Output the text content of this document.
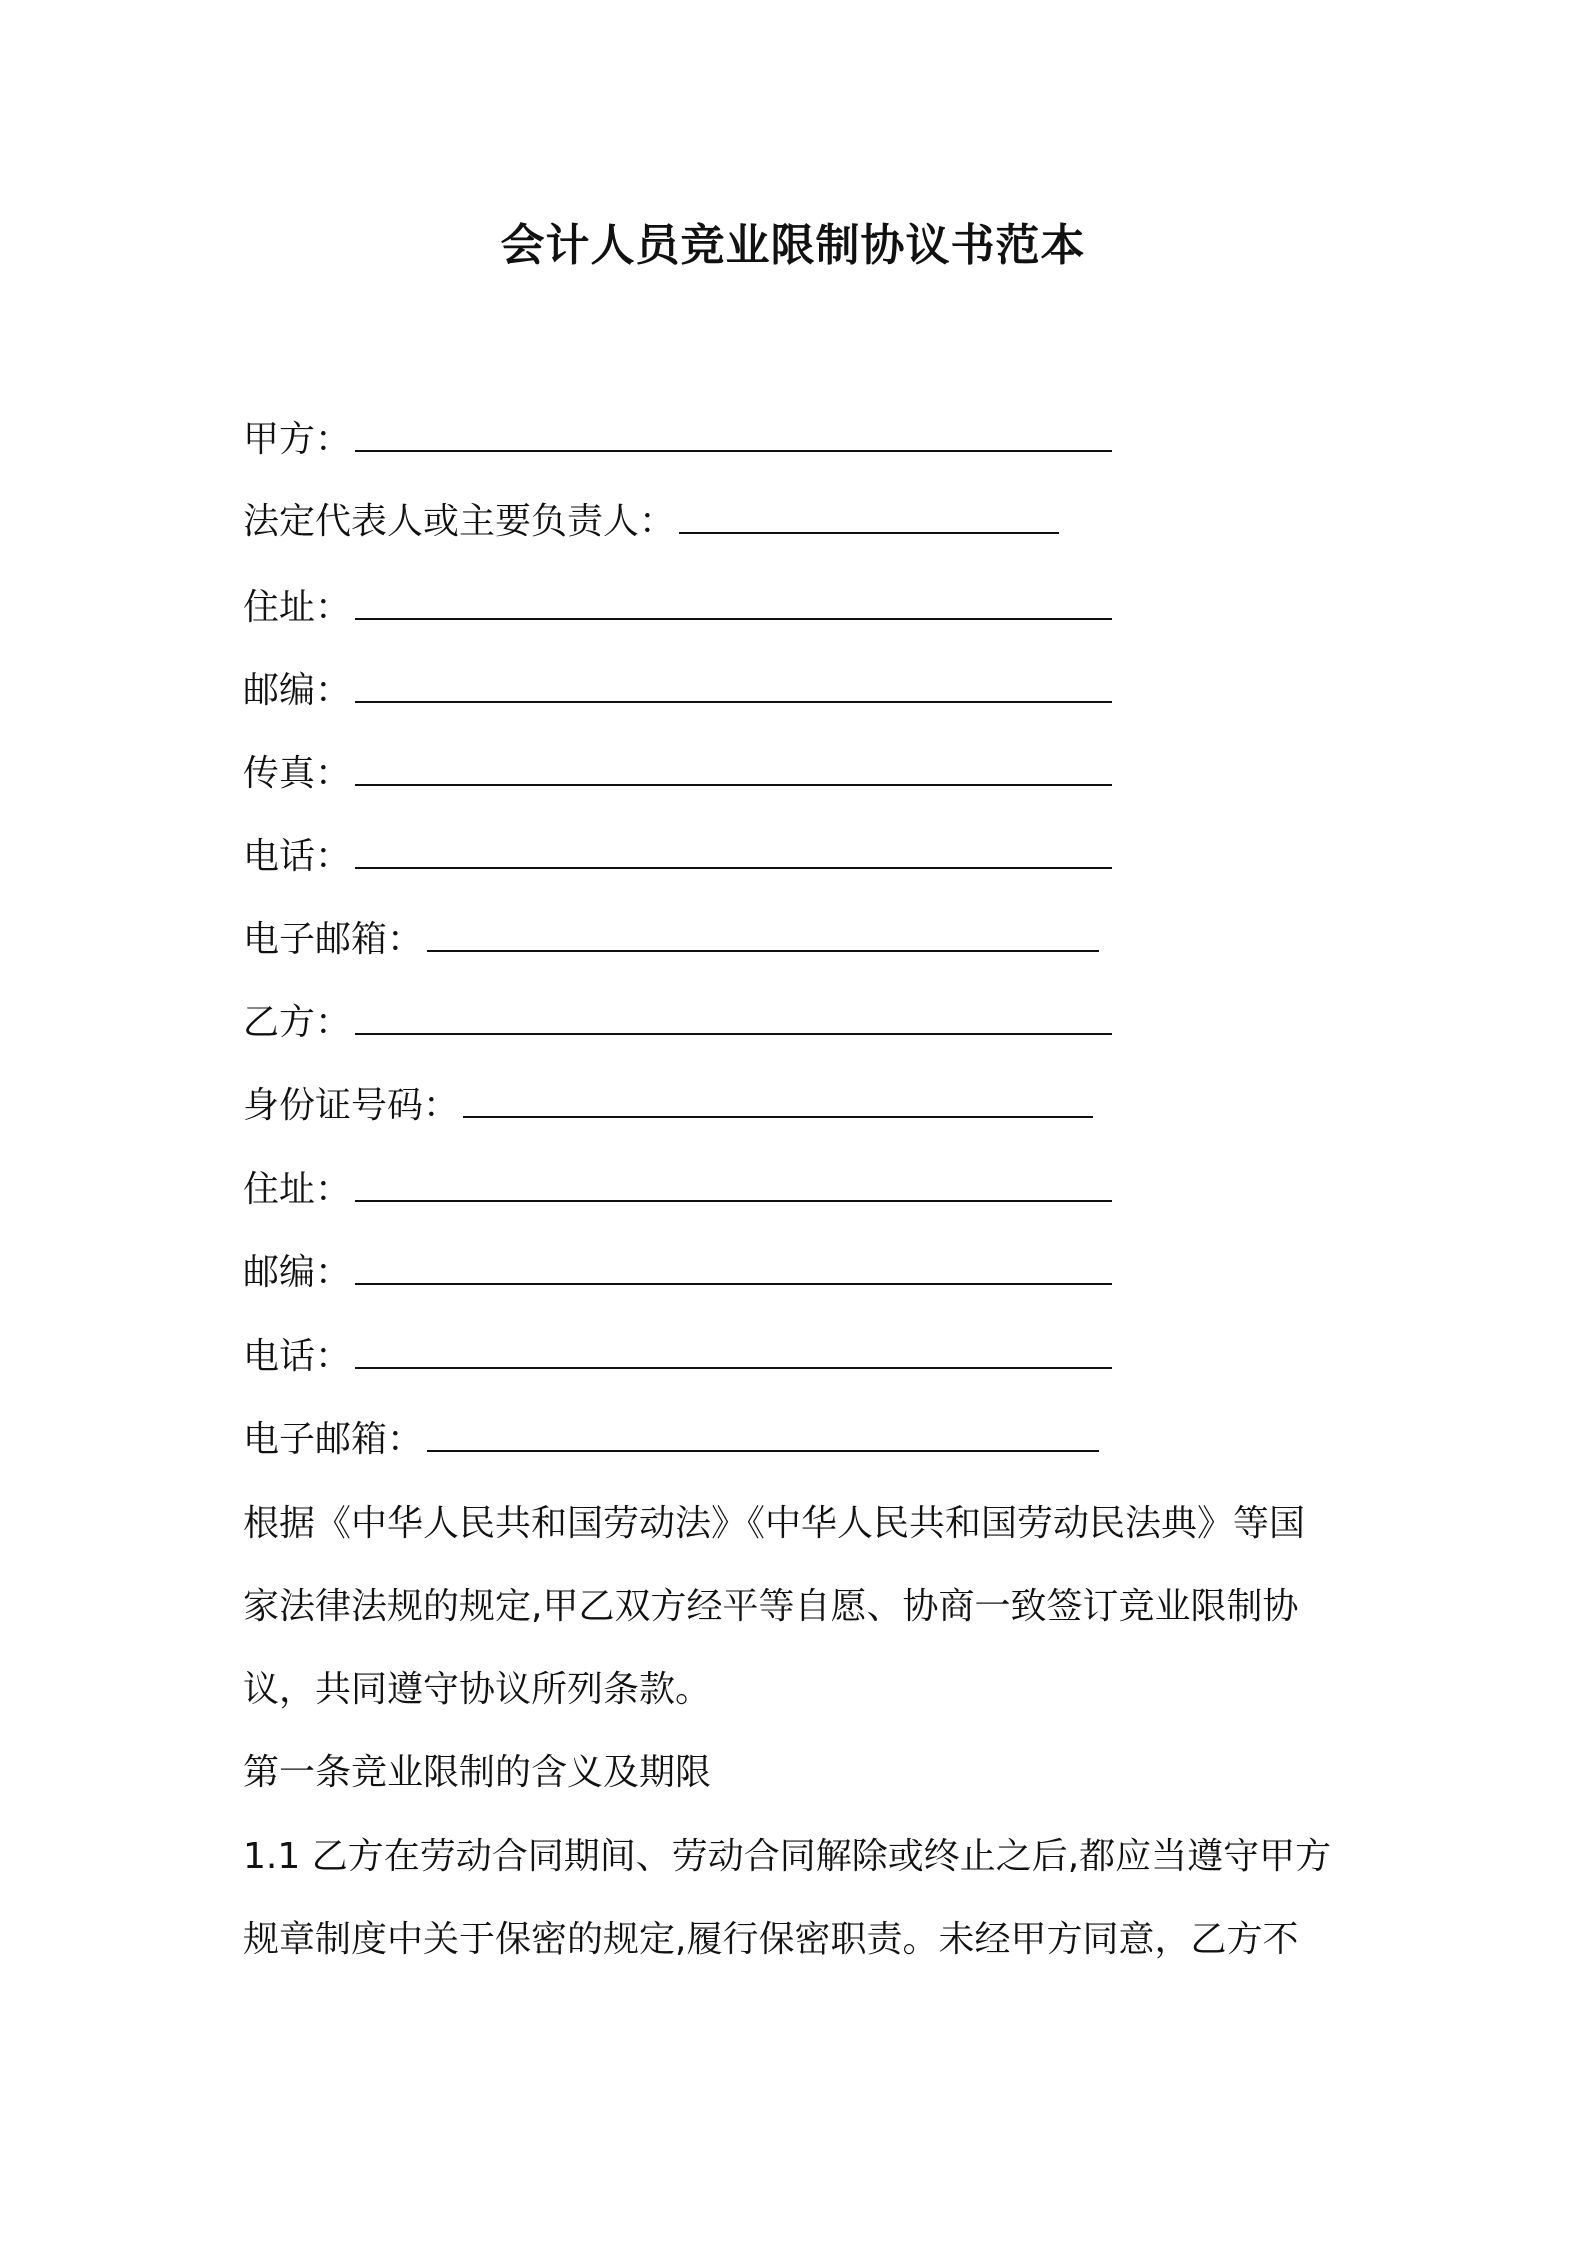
会计人员竞业限制协议书范本
甲方：
法定代表人或主要负责人：
住址：
邮编：
传真：
电话：
电子邮箱：
乙方：
身份证号码：
住址：
邮编：
电话：
电子邮箱：
根据《中华人民共和国劳动法》《中华人民共和国劳动民法典》等国
家法律法规的规定,甲乙双方经平等自愿、协商一致签订竞业限制协
议，共同遵守协议所列条款。
第一条竞业限制的含义及期限
1.1 乙方在劳动合同期间、劳动合同解除或终止之后,都应当遵守甲方
规章制度中关于保密的规定,履行保密职责。未经甲方同意，乙方不
